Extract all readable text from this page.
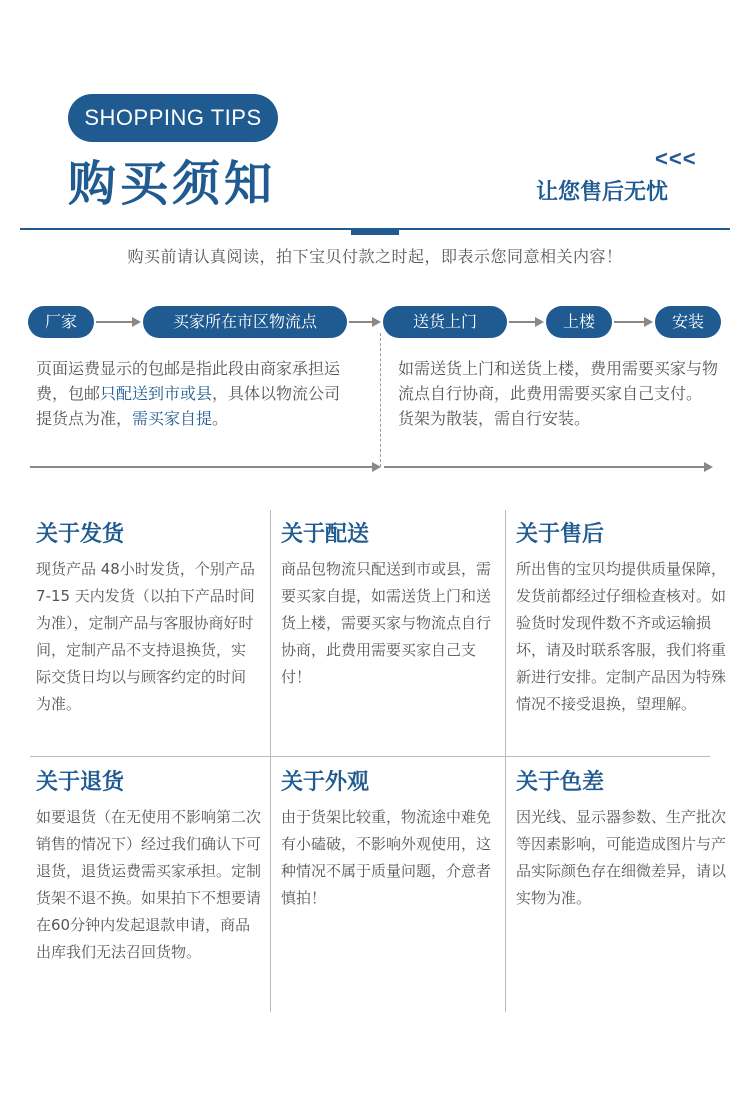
SHOPPING TIPS
购买须知	<<<
让您售后无忧
购买前请认真阅读，拍下宝贝付款之时起，即表示您同意相关内容！
厂家	买家所在市区物流点	送货上门	上楼	安装
页面运费显示的包邮是指此段由商家承担运费，包邮只配送到市或县，具体以物流公司提货点为准，需买家自提。
如需送货上门和送货上楼，费用需要买家与物流点自行协商，此费用需要买家自己支付。
货架为散装，需自行安装。
关于发货
现货产品 48小时发货，个别产品 7-15 天内发货（以拍下产品时间为准），定制产品与客服协商好时间，定制产品不支持退换货，实际交货日均以与顾客约定的时间为准。
关于配送
商品包物流只配送到市或县，需要买家自提，如需送货上门和送货上楼，需要买家与物流点自行协商，此费用需要买家自己支付！
关于售后
所出售的宝贝均提供质量保障，发货前都经过仔细检查核对。如验货时发现件数不齐或运输损坏，请及时联系客服，我们将重新进行安排。定制产品因为特殊情况不接受退换，望理解。
关于退货
如要退货（在无使用不影响第二次销售的情况下）经过我们确认下可退货，退货运费需买家承担。定制货架不退不换。如果拍下不想要请在60分钟内发起退款申请，商品出库我们无法召回货物。
关于外观
由于货架比较重，物流途中难免有小磕破，不影响外观使用，这种情况不属于质量问题，介意者慎拍！
关于色差
因光线、显示器参数、生产批次等因素影响，可能造成图片与产品实际颜色存在细微差异，请以实物为准。
